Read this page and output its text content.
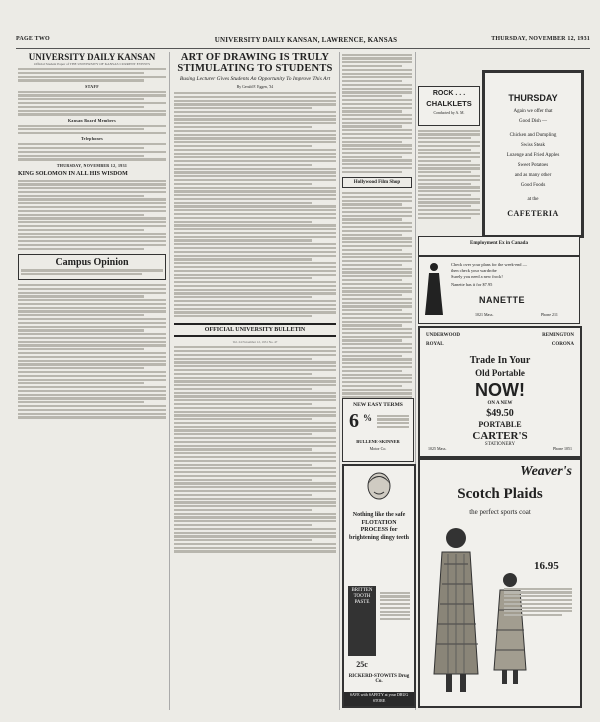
PAGE TWO	UNIVERSITY DAILY KANSAN, LAWRENCE, KANSAS	THURSDAY, NOVEMBER 12, 1931
UNIVERSITY DAILY KANSAN
Official Student Paper of THE UNIVERSITY OF KANSAS CURRENT EVENTS
STAFF
Kansan Board Members
Telephones
THURSDAY, NOVEMBER 12, 1931
KING SOLOMON IN ALL HIS WISDOM
Campus Opinion
ART OF DRAWING IS TRULY STIMULATING TO STUDENTS
Busing Lecturer Gives Students An Opportunity To Improve This Art
By Gerald F. Eggen, '34
OFFICIAL UNIVERSITY BULLETIN
Vol. 24 November 12, 1931 No. 47
Hollywood Film Shop
ROCK . . .
CHALKLETS
Conducted by A. M.
THURSDAY
Again we offer that
Good Dish —
Chicken and Dumpling
Swiss Steak
Lozenge and Fried Apples
Sweet Potatoes
and as many other
Good Foods
at the
CAFETERIA
Employment Ex in Canada
Check over your plans for the week-end —
then check your wardrobe
Surely you need a new frock!
Nanette has it for $7.95
NANETTE
1021 Mass.	Phone 211
UNDERWOOD	REMINGTON
ROYAL	CORONA
Trade In Your
Old Portable
NOW!
ON A NEW
$49.50
PORTABLE
CARTER'S
STATIONERY
1025 Mass.	Phone 1051
NEW EASY TERMS
6 %
BULLENE-SKINNER
Motor Co.
Nothing like the safe FLOTATION PROCESS for brightening dingy teeth
BRITTEN TOOTH PASTE
25c
RICKERD-STOWITS Drug Co.
SAVE with SAFETY at your DRUG STORE
Weaver's
Scotch Plaids
the perfect sports coat
16.95
